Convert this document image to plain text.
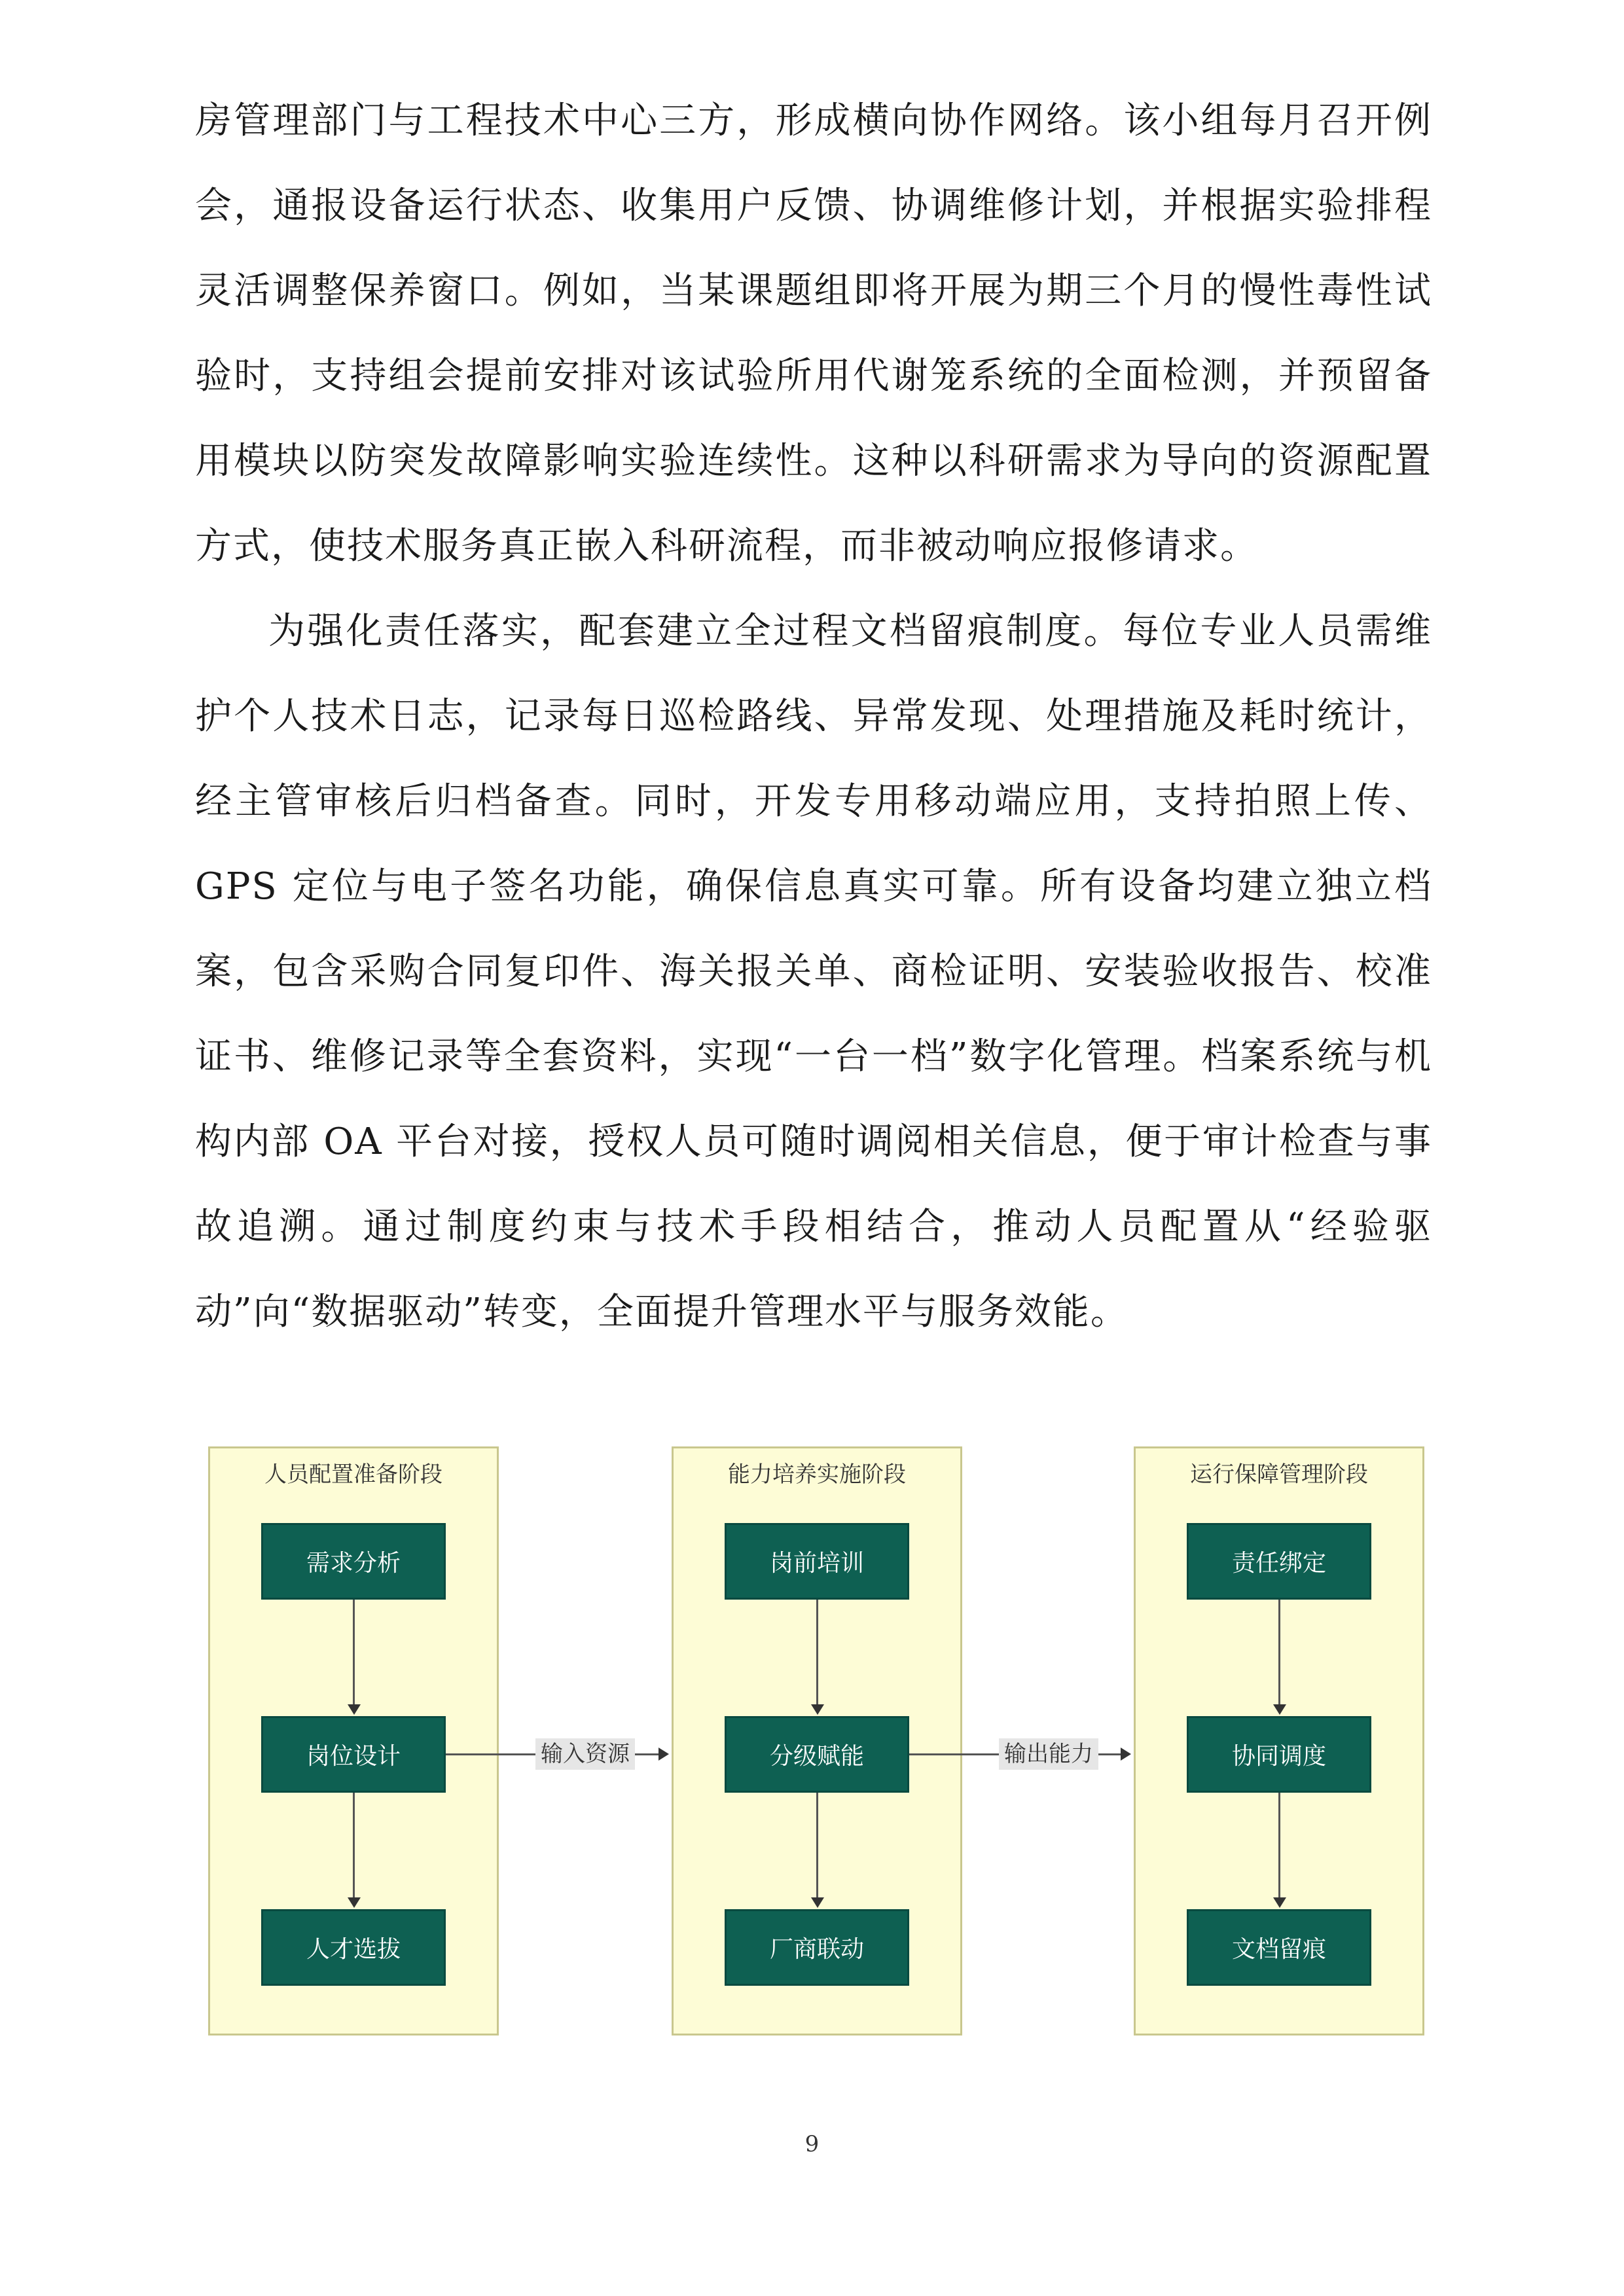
房管理部门与工程技术中心三方，形成横向协作网络。该小组每月召开例会，通报设备运行状态、收集用户反馈、协调维修计划，并根据实验排程灵活调整保养窗口。例如，当某课题组即将开展为期三个月的慢性毒性试验时，支持组会提前安排对该试验所用代谢笼系统的全面检测，并预留备用模块以防突发故障影响实验连续性。这种以科研需求为导向的资源配置方式，使技术服务真正嵌入科研流程，而非被动响应报修请求。

为强化责任落实，配套建立全过程文档留痕制度。每位专业人员需维护个人技术日志，记录每日巡检路线、异常发现、处理措施及耗时统计，经主管审核后归档备查。同时，开发专用移动端应用，支持拍照上传、GPS 定位与电子签名功能，确保信息真实可靠。所有设备均建立独立档案，包含采购合同复印件、海关报关单、商检证明、安装验收报告、校准证书、维修记录等全套资料，实现“一台一档”数字化管理。档案系统与机构内部 OA 平台对接，授权人员可随时调阅相关信息，便于审计检查与事故追溯。通过制度约束与技术手段相结合，推动人员配置从“经验驱动”向“数据驱动”转变，全面提升管理水平与服务效能。

人员配置准备阶段	能力培养实施阶段	运行保障管理阶段
需求分析
岗位设计
人才选拔
岗前培训
分级赋能
厂商联动
责任绑定
协同调度
文档留痕
输入资源	输出能力
9
